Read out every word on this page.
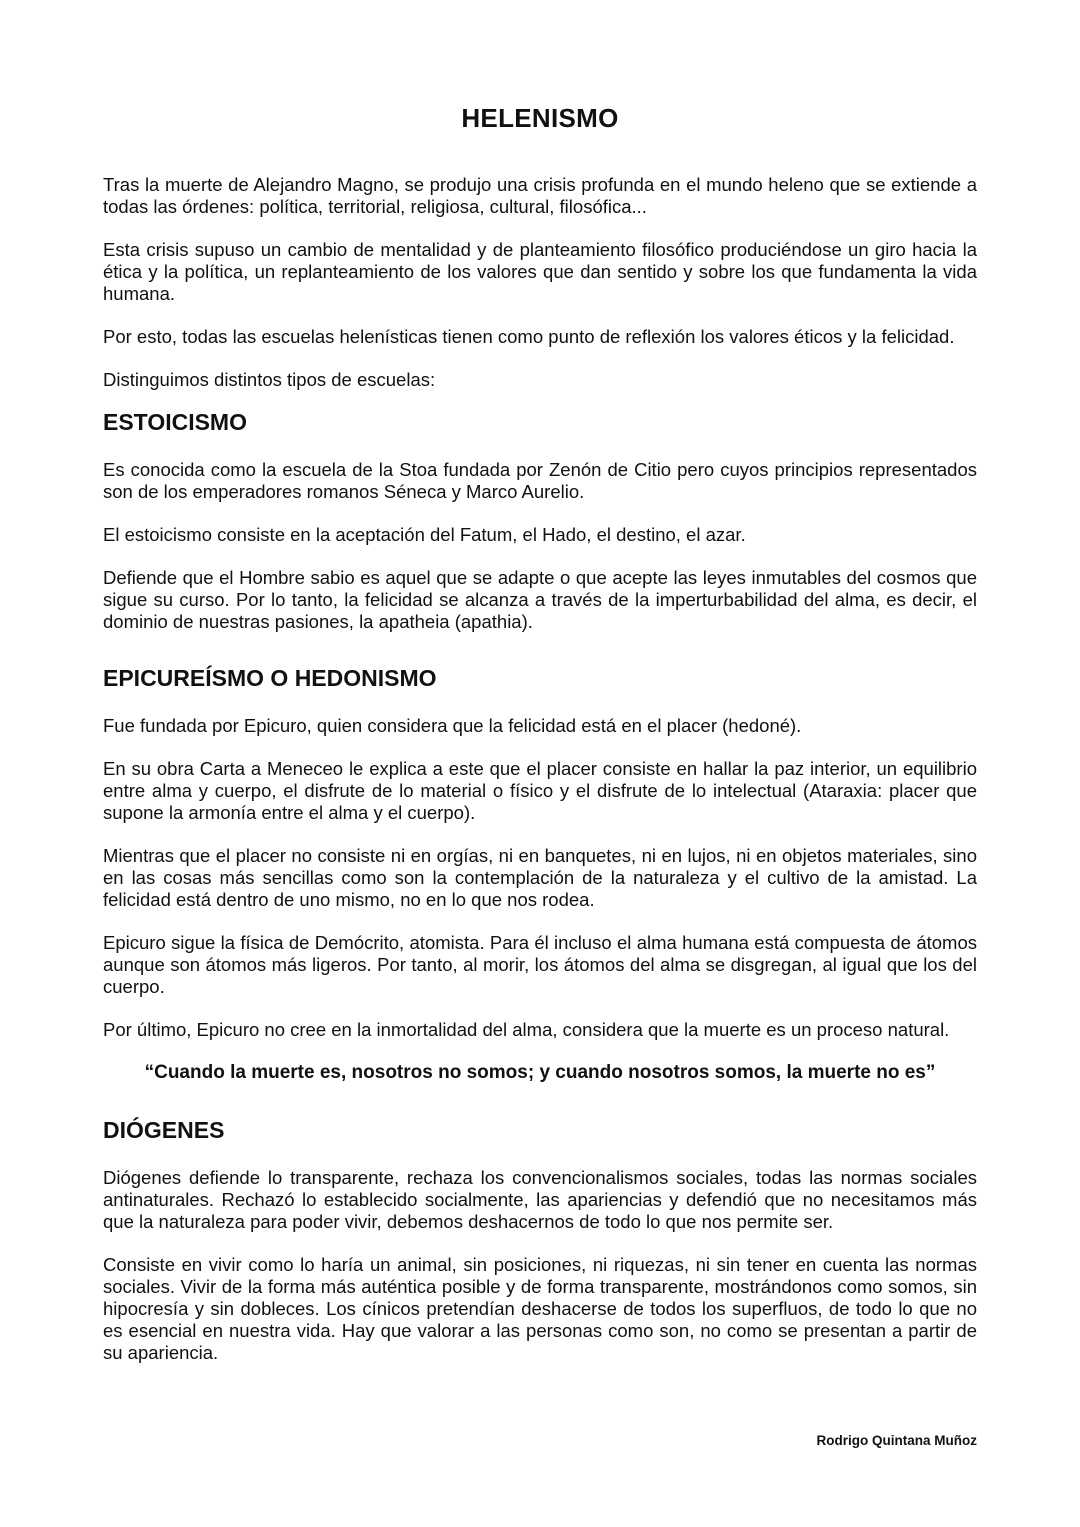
HELENISMO

Tras la muerte de Alejandro Magno, se produjo una crisis profunda en el mundo heleno que se extiende a todas las órdenes: política, territorial, religiosa, cultural, filosófica...

Esta crisis supuso un cambio de mentalidad y de planteamiento filosófico produciéndose un giro hacia la ética y la política, un replanteamiento de los valores que dan sentido y sobre los que fundamenta la vida humana.

Por esto, todas las escuelas helenísticas tienen como punto de reflexión los valores éticos y la felicidad.

Distinguimos distintos tipos de escuelas:

ESTOICISMO

Es conocida como la escuela de la Stoa fundada por Zenón de Citio pero cuyos principios representados son de los emperadores romanos Séneca y Marco Aurelio.

El estoicismo consiste en la aceptación del Fatum, el Hado, el destino, el azar.

Defiende que el Hombre sabio es aquel que se adapte o que acepte las leyes inmutables del cosmos que sigue su curso. Por lo tanto, la felicidad se alcanza a través de la imperturbabilidad del alma, es decir, el dominio de nuestras pasiones, la apatheia (apathia).

EPICUREÍSMO O HEDONISMO

Fue fundada por Epicuro, quien considera que la felicidad está en el placer (hedoné).

En su obra Carta a Meneceo le explica a este que el placer consiste en hallar la paz interior, un equilibrio entre alma y cuerpo, el disfrute de lo material o físico y el disfrute de lo intelectual (Ataraxia: placer que supone la armonía entre el alma y el cuerpo).

Mientras que el placer no consiste ni en orgías, ni en banquetes, ni en lujos, ni en objetos materiales, sino en las cosas más sencillas como son la contemplación de la naturaleza y el cultivo de la amistad. La felicidad está dentro de uno mismo, no en lo que nos rodea.

Epicuro sigue la física de Demócrito, atomista. Para él incluso el alma humana está compuesta de átomos aunque son átomos más ligeros. Por tanto, al morir, los átomos del alma se disgregan, al igual que los del cuerpo.

Por último, Epicuro no cree en la inmortalidad del alma, considera que la muerte es un proceso natural.

“Cuando la muerte es, nosotros no somos; y cuando nosotros somos, la muerte no es”

DIÓGENES

Diógenes defiende lo transparente, rechaza los convencionalismos sociales, todas las normas sociales antinaturales. Rechazó lo establecido socialmente, las apariencias y defendió que no necesitamos más que la naturaleza para poder vivir, debemos deshacernos de todo lo que nos permite ser.

Consiste en vivir como lo haría un animal, sin posiciones, ni riquezas, ni sin tener en cuenta las normas sociales. Vivir de la forma más auténtica posible y de forma transparente, mostrándonos como somos, sin hipocresía y sin dobleces. Los cínicos pretendían deshacerse de todos los superfluos, de todo lo que no es esencial en nuestra vida. Hay que valorar a las personas como son, no como se presentan a partir de su apariencia.

Rodrigo Quintana Muñoz
